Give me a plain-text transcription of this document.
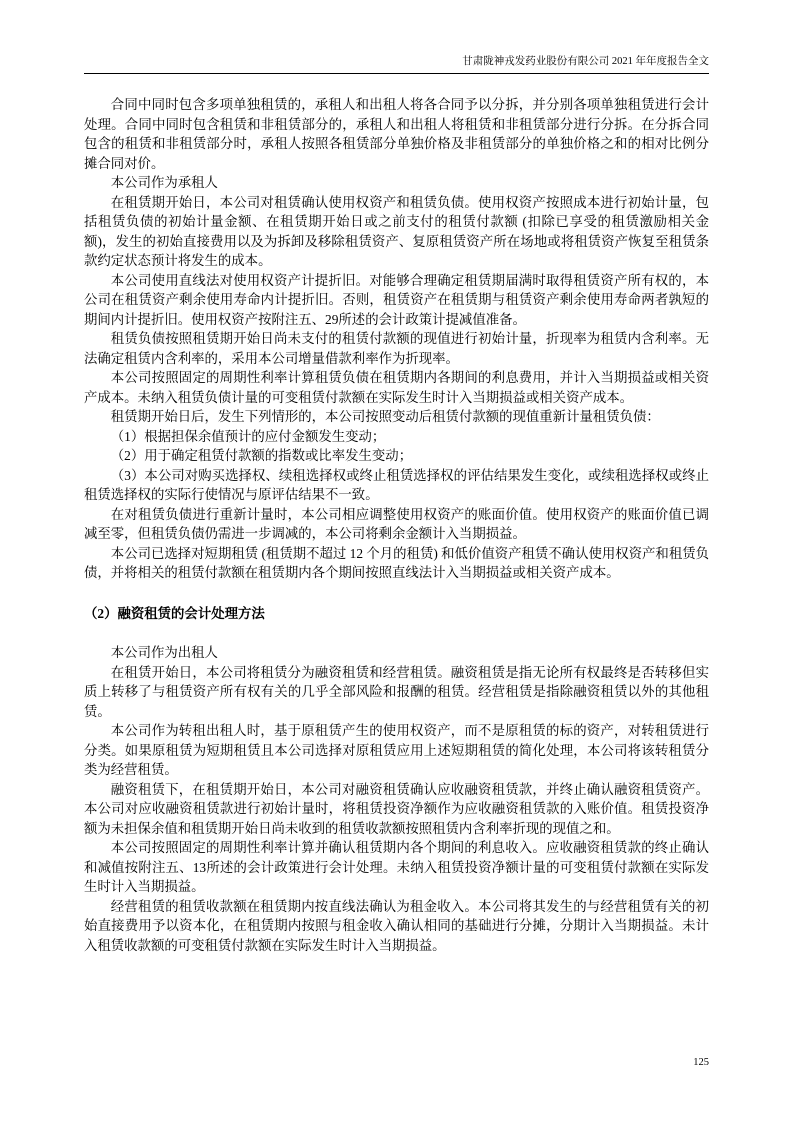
甘肃陇神戎发药业股份有限公司 2021 年年度报告全文

合同中同时包含多项单独租赁的，承租人和出租人将各合同予以分拆，并分别各项单独租赁进行会计处理。合同中同时包含租赁和非租赁部分的，承租人和出租人将租赁和非租赁部分进行分拆。在分拆合同包含的租赁和非租赁部分时，承租人按照各租赁部分单独价格及非租赁部分的单独价格之和的相对比例分摊合同对价。

本公司作为承租人

在租赁期开始日，本公司对租赁确认使用权资产和租赁负债。使用权资产按照成本进行初始计量，包括租赁负债的初始计量金额、在租赁期开始日或之前支付的租赁付款额 (扣除已享受的租赁激励相关金额)，发生的初始直接费用以及为拆卸及移除租赁资产、复原租赁资产所在场地或将租赁资产恢复至租赁条款约定状态预计将发生的成本。

本公司使用直线法对使用权资产计提折旧。对能够合理确定租赁期届满时取得租赁资产所有权的，本公司在租赁资产剩余使用寿命内计提折旧。否则，租赁资产在租赁期与租赁资产剩余使用寿命两者孰短的期间内计提折旧。使用权资产按附注五、29所述的会计政策计提减值准备。

租赁负债按照租赁期开始日尚未支付的租赁付款额的现值进行初始计量，折现率为租赁内含利率。无法确定租赁内含利率的，采用本公司增量借款利率作为折现率。

本公司按照固定的周期性利率计算租赁负债在租赁期内各期间的利息费用，并计入当期损益或相关资产成本。未纳入租赁负债计量的可变租赁付款额在实际发生时计入当期损益或相关资产成本。

租赁期开始日后，发生下列情形的，本公司按照变动后租赁付款额的现值重新计量租赁负债：

（1）根据担保余值预计的应付金额发生变动；

（2）用于确定租赁付款额的指数或比率发生变动；

（3）本公司对购买选择权、续租选择权或终止租赁选择权的评估结果发生变化，或续租选择权或终止租赁选择权的实际行使情况与原评估结果不一致。

在对租赁负债进行重新计量时，本公司相应调整使用权资产的账面价值。使用权资产的账面价值已调减至零，但租赁负债仍需进一步调减的，本公司将剩余金额计入当期损益。

本公司已选择对短期租赁 (租赁期不超过 12 个月的租赁) 和低价值资产租赁不确认使用权资产和租赁负债，并将相关的租赁付款额在租赁期内各个期间按照直线法计入当期损益或相关资产成本。

（2）融资租赁的会计处理方法

本公司作为出租人

在租赁开始日，本公司将租赁分为融资租赁和经营租赁。融资租赁是指无论所有权最终是否转移但实质上转移了与租赁资产所有权有关的几乎全部风险和报酬的租赁。经营租赁是指除融资租赁以外的其他租赁。

本公司作为转租出租人时，基于原租赁产生的使用权资产，而不是原租赁的标的资产，对转租赁进行分类。如果原租赁为短期租赁且本公司选择对原租赁应用上述短期租赁的简化处理，本公司将该转租赁分类为经营租赁。

融资租赁下，在租赁期开始日，本公司对融资租赁确认应收融资租赁款，并终止确认融资租赁资产。本公司对应收融资租赁款进行初始计量时，将租赁投资净额作为应收融资租赁款的入账价值。租赁投资净额为未担保余值和租赁期开始日尚未收到的租赁收款额按照租赁内含利率折现的现值之和。

本公司按照固定的周期性利率计算并确认租赁期内各个期间的利息收入。应收融资租赁款的终止确认和减值按附注五、13所述的会计政策进行会计处理。未纳入租赁投资净额计量的可变租赁付款额在实际发生时计入当期损益。

经营租赁的租赁收款额在租赁期内按直线法确认为租金收入。本公司将其发生的与经营租赁有关的初始直接费用予以资本化，在租赁期内按照与租金收入确认相同的基础进行分摊，分期计入当期损益。未计入租赁收款额的可变租赁付款额在实际发生时计入当期损益。

125
